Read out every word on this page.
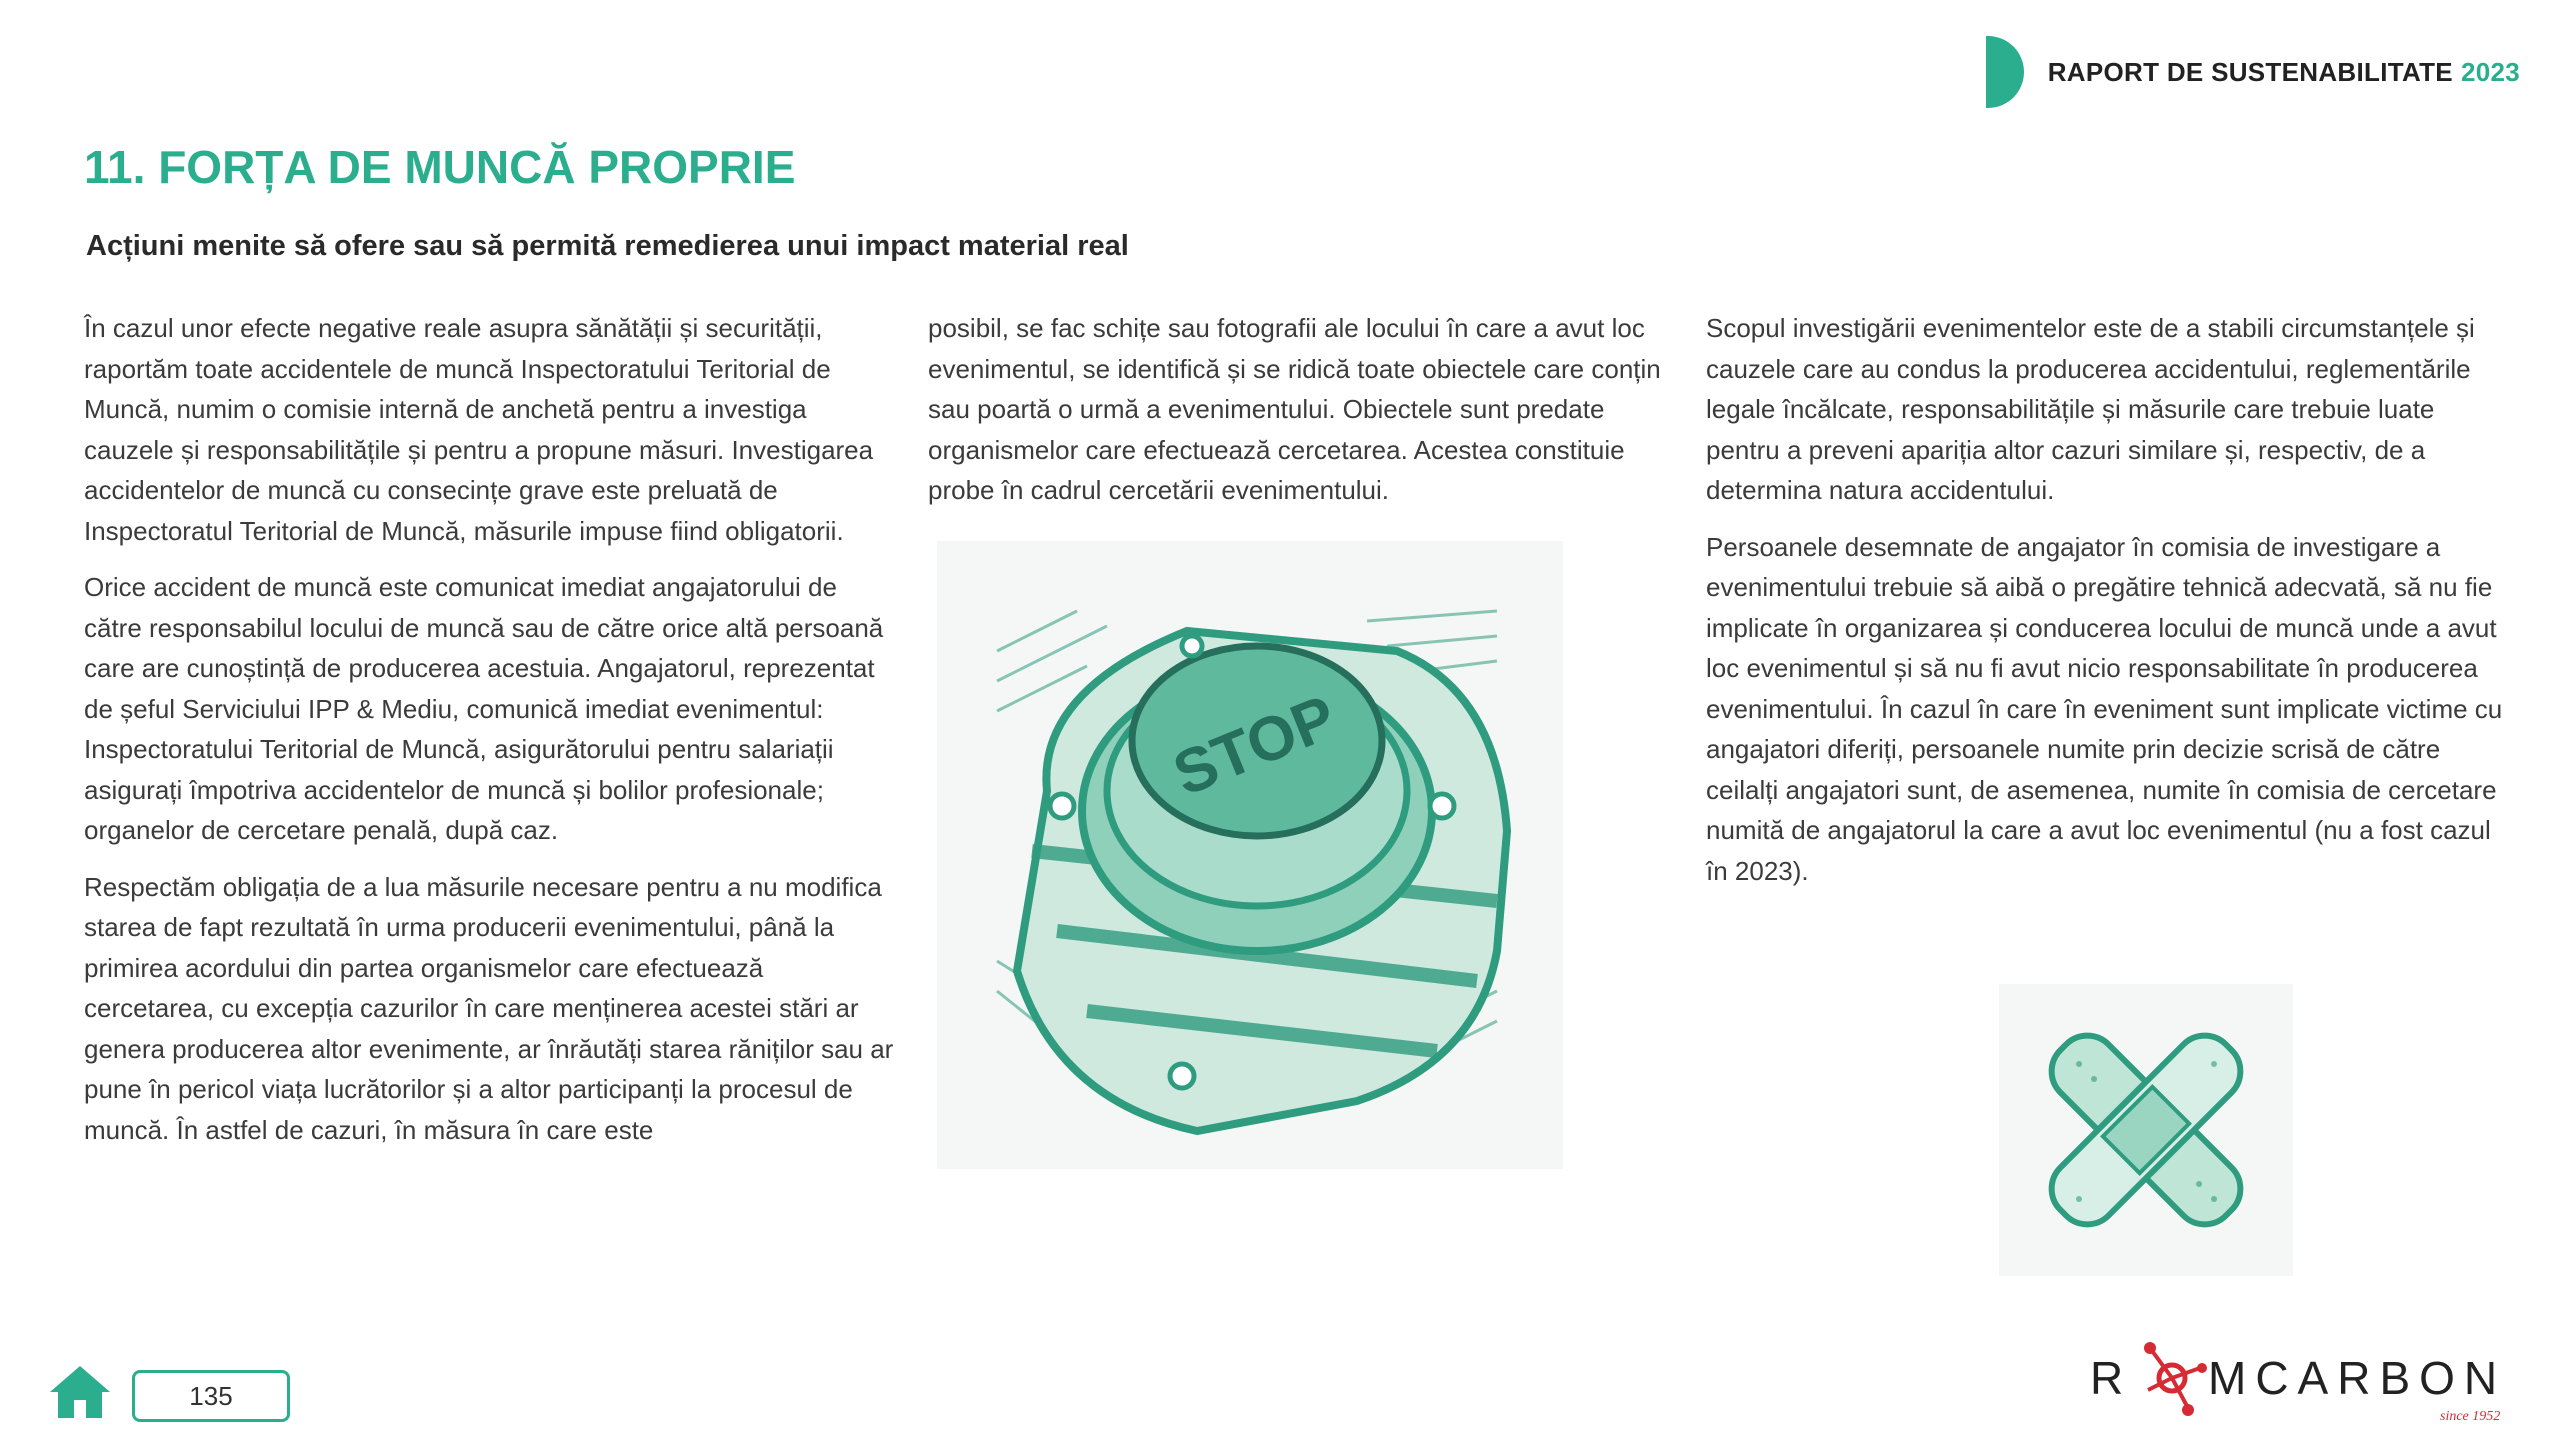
RAPORT DE SUSTENABILITATE 2023
11. FORȚA DE MUNCĂ PROPRIE
Acțiuni menite să ofere sau să permită remedierea unui impact material real

În cazul unor efecte negative reale asupra sănătății și securității, raportăm toate accidentele de muncă Inspectoratului Teritorial de Muncă, numim o comisie internă de anchetă pentru a investiga cauzele și responsabilitățile și pentru a propune măsuri. Investigarea accidentelor de muncă cu consecințe grave este preluată de Inspectoratul Teritorial de Muncă, măsurile impuse fiind obligatorii.

Orice accident de muncă este comunicat imediat angajatorului de către responsabilul locului de muncă sau de către orice altă persoană care are cunoștință de producerea acestuia. Angajatorul, reprezentat de șeful Serviciului IPP & Mediu, comunică imediat evenimentul: Inspectoratului Teritorial de Muncă, asigurătorului pentru salariații asigurați împotriva accidentelor de muncă și bolilor profesionale; organelor de cercetare penală, după caz.

Respectăm obligația de a lua măsurile necesare pentru a nu modifica starea de fapt rezultată în urma producerii evenimentului, până la primirea acordului din partea organismelor care efectuează cercetarea, cu excepția cazurilor în care menținerea acestei stări ar genera producerea altor evenimente, ar înrăutăți starea răniților sau ar pune în pericol viața lucrătorilor și a altor participanți la procesul de muncă. În astfel de cazuri, în măsura în care este

posibil, se fac schițe sau fotografii ale locului în care a avut loc evenimentul, se identifică și se ridică toate obiectele care conțin sau poartă o urmă a evenimentului. Obiectele sunt predate organismelor care efectuează cercetarea. Acestea constituie probe în cadrul cercetării evenimentului.

Scopul investigării evenimentelor este de a stabili circumstanțele și cauzele care au condus la producerea accidentului, reglementările legale încălcate, responsabilitățile și măsurile care trebuie luate pentru a preveni apariția altor cazuri similare și, respectiv, de a determina natura accidentului.

Persoanele desemnate de angajator în comisia de investigare a evenimentului trebuie să aibă o pregătire tehnică adecvată, să nu fie implicate în organizarea și conducerea locului de muncă unde a avut loc evenimentul și să nu fi avut nicio responsabilitate în producerea evenimentului. În cazul în care în eveniment sunt implicate victime cu angajatori diferiți, persoanele numite prin decizie scrisă de către ceilalți angajatori sunt, de asemenea, numite în comisia de cercetare numită de angajatorul la care a avut loc evenimentul (nu a fost cazul în 2023).

STOP
135	R MCARBON
since 1952
